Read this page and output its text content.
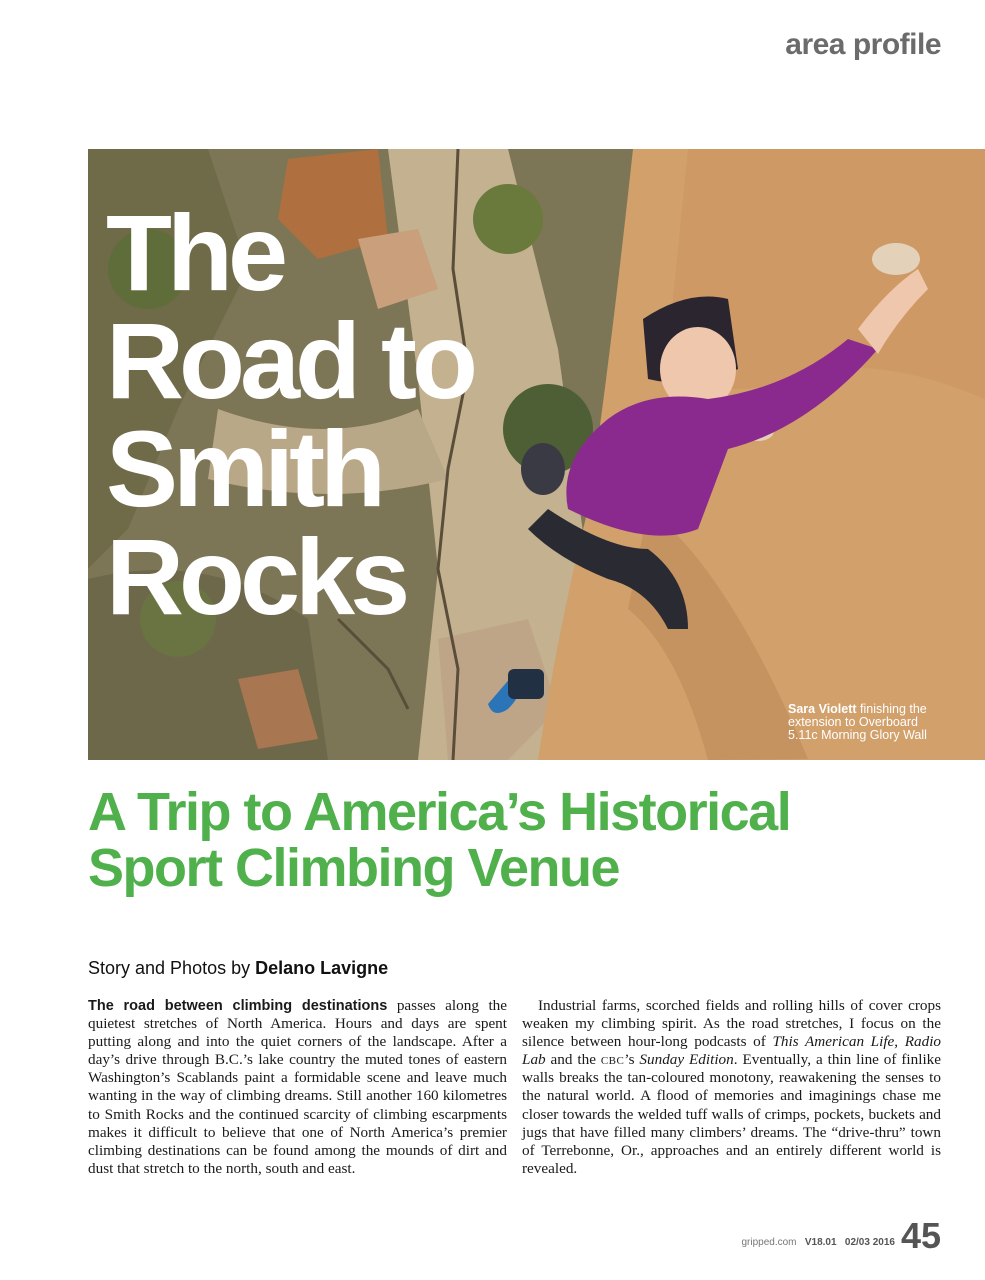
area profile
The
Road to
Smith
Rocks
Sara Violett finishing the
extension to Overboard
5.11c Morning Glory Wall
A Trip to America’s Historical
Sport Climbing Venue
Story and Photos by Delano Lavigne

The road between climbing destinations passes along the quietest stretches of North America. Hours and days are spent putting along and into the quiet corners of the landscape. After a day’s drive through B.C.’s lake country the muted tones of eastern Washington’s Scablands paint a formidable scene and leave much wanting in the way of climbing dreams. Still another 160 kilometres to Smith Rocks and the continued scarcity of climbing escarpments makes it difficult to believe that one of North America’s premier climbing destinations can be found among the mounds of dirt and dust that stretch to the north, south and east.

Industrial farms, scorched fields and rolling hills of cover crops weaken my climbing spirit. As the road stretches, I focus on the silence between hour-long podcasts of This American Life, Radio Lab and the cbc’s Sunday Edition. Eventually, a thin line of finlike walls breaks the tan-coloured monotony, reawakening the senses to the natural world. A flood of memories and imaginings chase me closer towards the welded tuff walls of crimps, pockets, buckets and jugs that have filled many climbers’ dreams. The “drive-thru” town of Terrebonne, Or., approaches and an entirely different world is revealed.

gripped.com V18.01 02/03 2016 45
